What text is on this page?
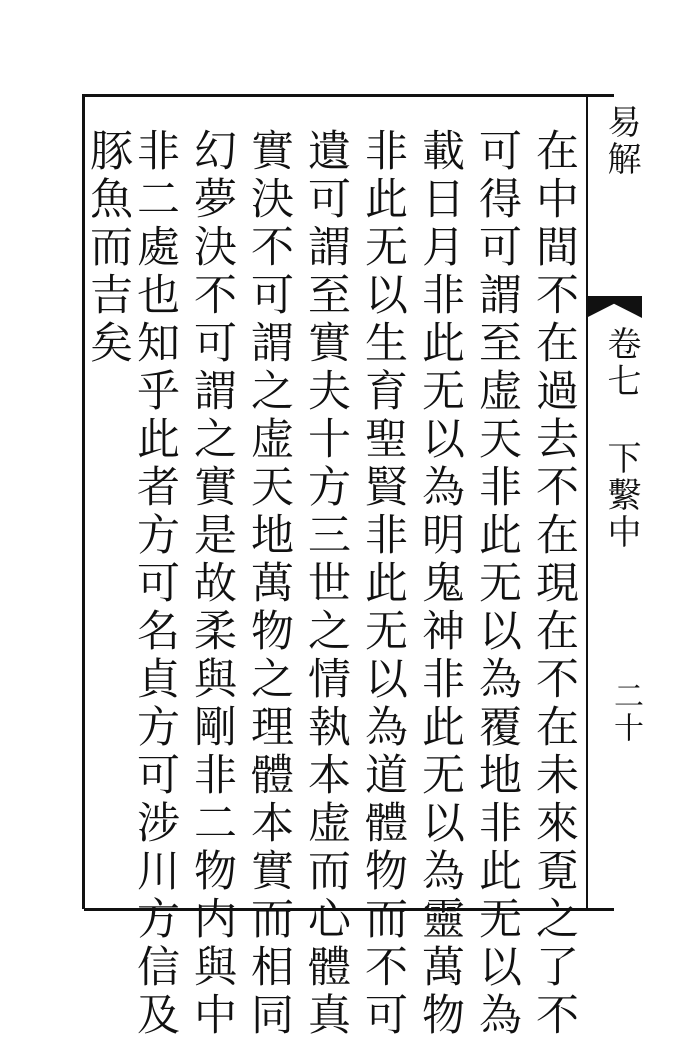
易解
卷七
下繫中
二十
在中間不在過去不在現在不在未來覔之了不
可得可謂至虚天非此无以為覆地非此无以為
載日月非此无以為明鬼神非此无以為靈萬物
非此无以生育聖賢非此无以為道體物而不可
遺可謂至實夫十方三世之情執本虚而心體真
實決不可謂之虚天地萬物之理體本實而相同
幻夢決不可謂之實是故柔與剛非二物内與中
非二處也知乎此者方可名貞方可涉川方信及
豚魚而吉矣
